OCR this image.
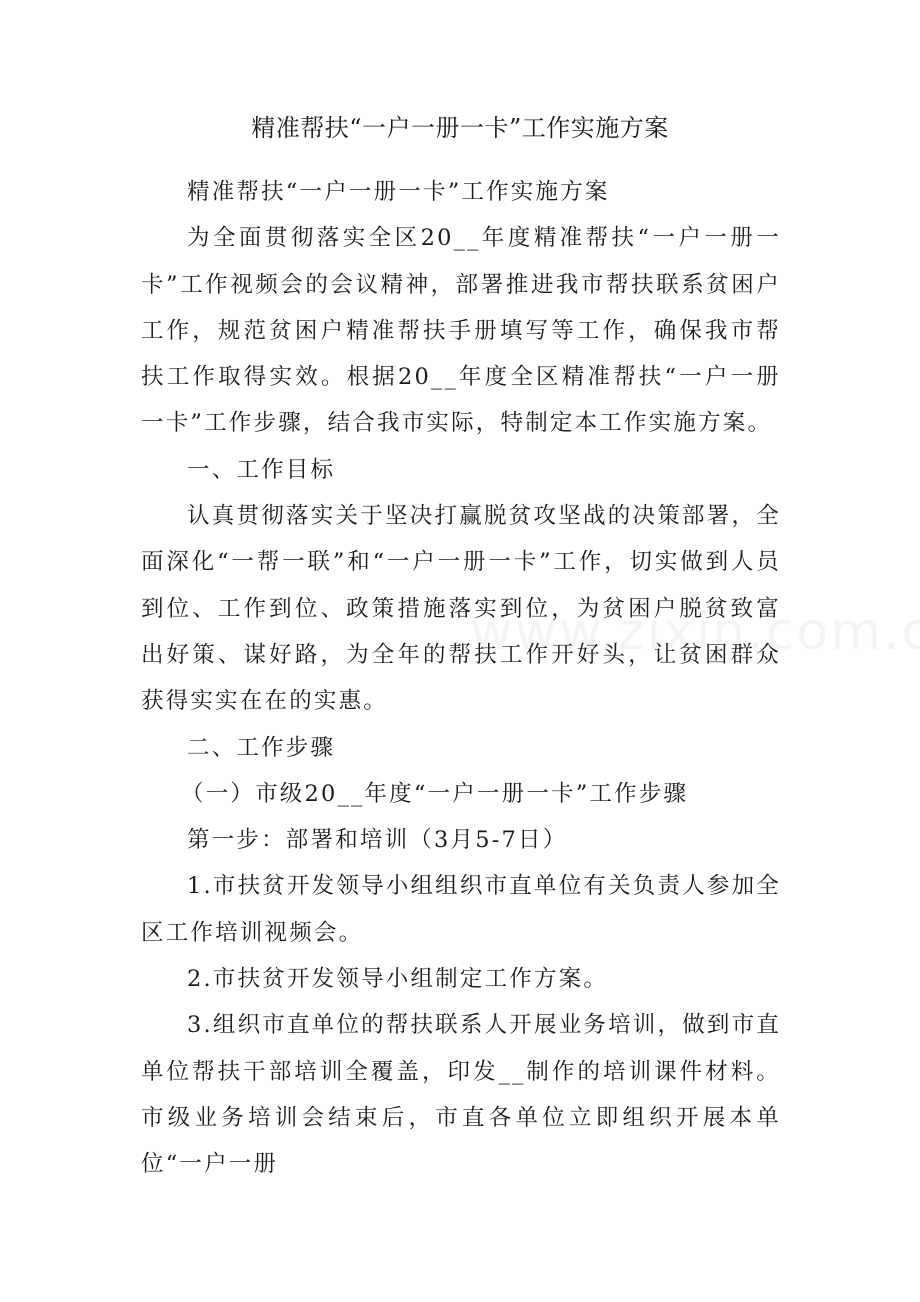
精准帮扶“一户一册一卡”工作实施方案

精准帮扶“一户一册一卡”工作实施方案

为全面贯彻落实全区20__年度精准帮扶“一户一册一卡”工作视频会的会议精神，部署推进我市帮扶联系贫困户工作，规范贫困户精准帮扶手册填写等工作，确保我市帮扶工作取得实效。根据20__年度全区精准帮扶“一户一册一卡”工作步骤，结合我市实际，特制定本工作实施方案。

一、工作目标

认真贯彻落实关于坚决打赢脱贫攻坚战的决策部署，全面深化“一帮一联”和“一户一册一卡”工作，切实做到人员到位、工作到位、政策措施落实到位，为贫困户脱贫致富出好策、谋好路，为全年的帮扶工作开好头，让贫困群众获得实实在在的实惠。

二、工作步骤

（一）市级20__年度“一户一册一卡”工作步骤

第一步：部署和培训（3月5-7日）

1.市扶贫开发领导小组组织市直单位有关负责人参加全区工作培训视频会。

2.市扶贫开发领导小组制定工作方案。

3.组织市直单位的帮扶联系人开展业务培训，做到市直单位帮扶干部培训全覆盖，印发__制作的培训课件材料。市级业务培训会结束后，市直各单位立即组织开展本单位“一户一册
